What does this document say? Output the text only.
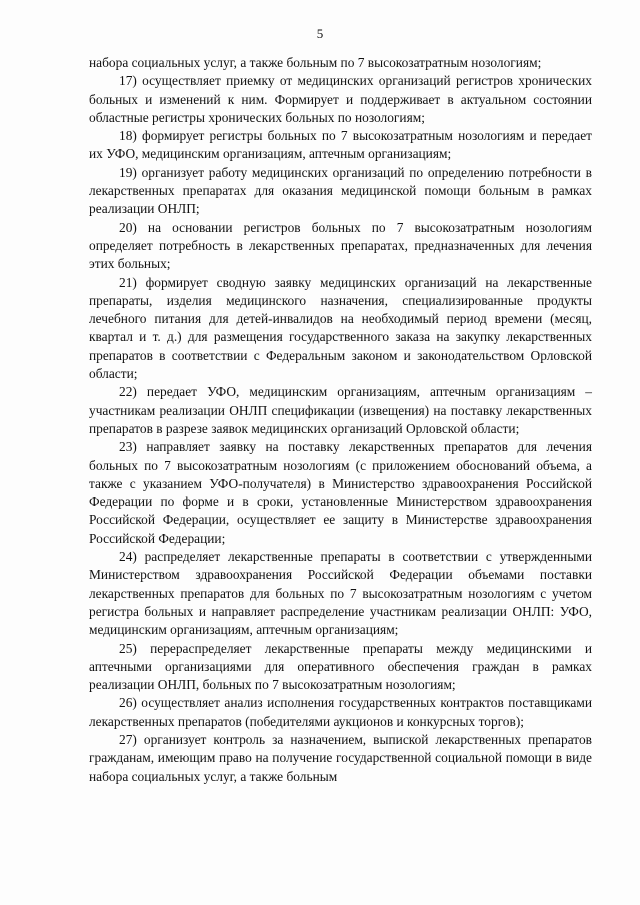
5

набора социальных услуг, а также больным по 7 высокозатратным нозологиям;

17) осуществляет приемку от медицинских организаций регистров хронических больных и изменений к ним. Формирует и поддерживает в актуальном состоянии областные регистры хронических больных по нозологиям;

18) формирует регистры больных по 7 высокозатратным нозологиям и передает их УФО, медицинским организациям, аптечным организациям;

19) организует работу медицинских организаций по определению потребности в лекарственных препаратах для оказания медицинской помощи больным в рамках реализации ОНЛП;

20) на основании регистров больных по 7 высокозатратным нозологиям определяет потребность в лекарственных препаратах, предназначенных для лечения этих больных;

21) формирует сводную заявку медицинских организаций на лекарственные препараты, изделия медицинского назначения, специализированные продукты лечебного питания для детей-инвалидов на необходимый период времени (месяц, квартал и т. д.) для размещения государственного заказа на закупку лекарственных препаратов в соответствии с Федеральным законом и законодательством Орловской области;

22) передает УФО, медицинским организациям, аптечным организациям – участникам реализации ОНЛП спецификации (извещения) на поставку лекарственных препаратов в разрезе заявок медицинских организаций Орловской области;

23) направляет заявку на поставку лекарственных препаратов для лечения больных по 7 высокозатратным нозологиям (с приложением обоснований объема, а также с указанием УФО-получателя) в Министерство здравоохранения Российской Федерации по форме и в сроки, установленные Министерством здравоохранения Российской Федерации, осуществляет ее защиту в Министерстве здравоохранения Российской Федерации;

24) распределяет лекарственные препараты в соответствии с утвержденными Министерством здравоохранения Российской Федерации объемами поставки лекарственных препаратов для больных по 7 высокозатратным нозологиям с учетом регистра больных и направляет распределение участникам реализации ОНЛП: УФО, медицинским организациям, аптечным организациям;

25) перераспределяет лекарственные препараты между медицинскими и аптечными организациями для оперативного обеспечения граждан в рамках реализации ОНЛП, больных по 7 высокозатратным нозологиям;

26) осуществляет анализ исполнения государственных контрактов поставщиками лекарственных препаратов (победителями аукционов и конкурсных торгов);

27) организует контроль за назначением, выпиской лекарственных препаратов гражданам, имеющим право на получение государственной социальной помощи в виде набора социальных услуг, а также больным
